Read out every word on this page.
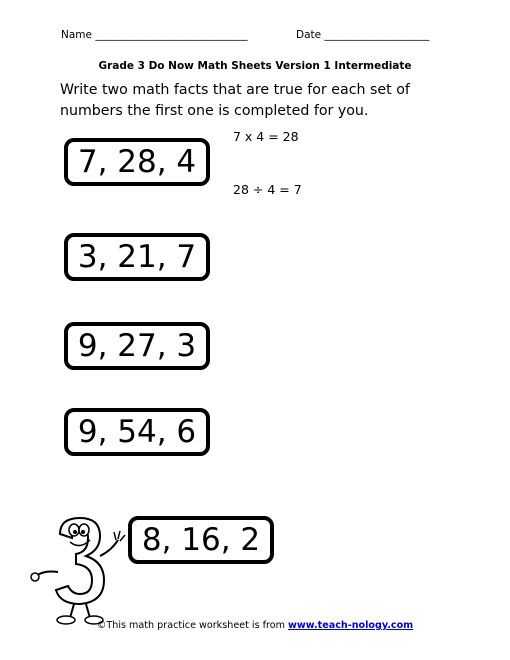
Name _____________________________	Date ____________________
Grade 3 Do Now Math Sheets Version 1 Intermediate
Write two math facts that are true for each set of numbers the first one is completed for you.
7, 28, 4
7 x 4 = 28
28 ÷ 4 = 7
3, 21, 7
9, 27, 3
9, 54, 6
8, 16, 2
©This math practice worksheet is from www.teach-nology.com
